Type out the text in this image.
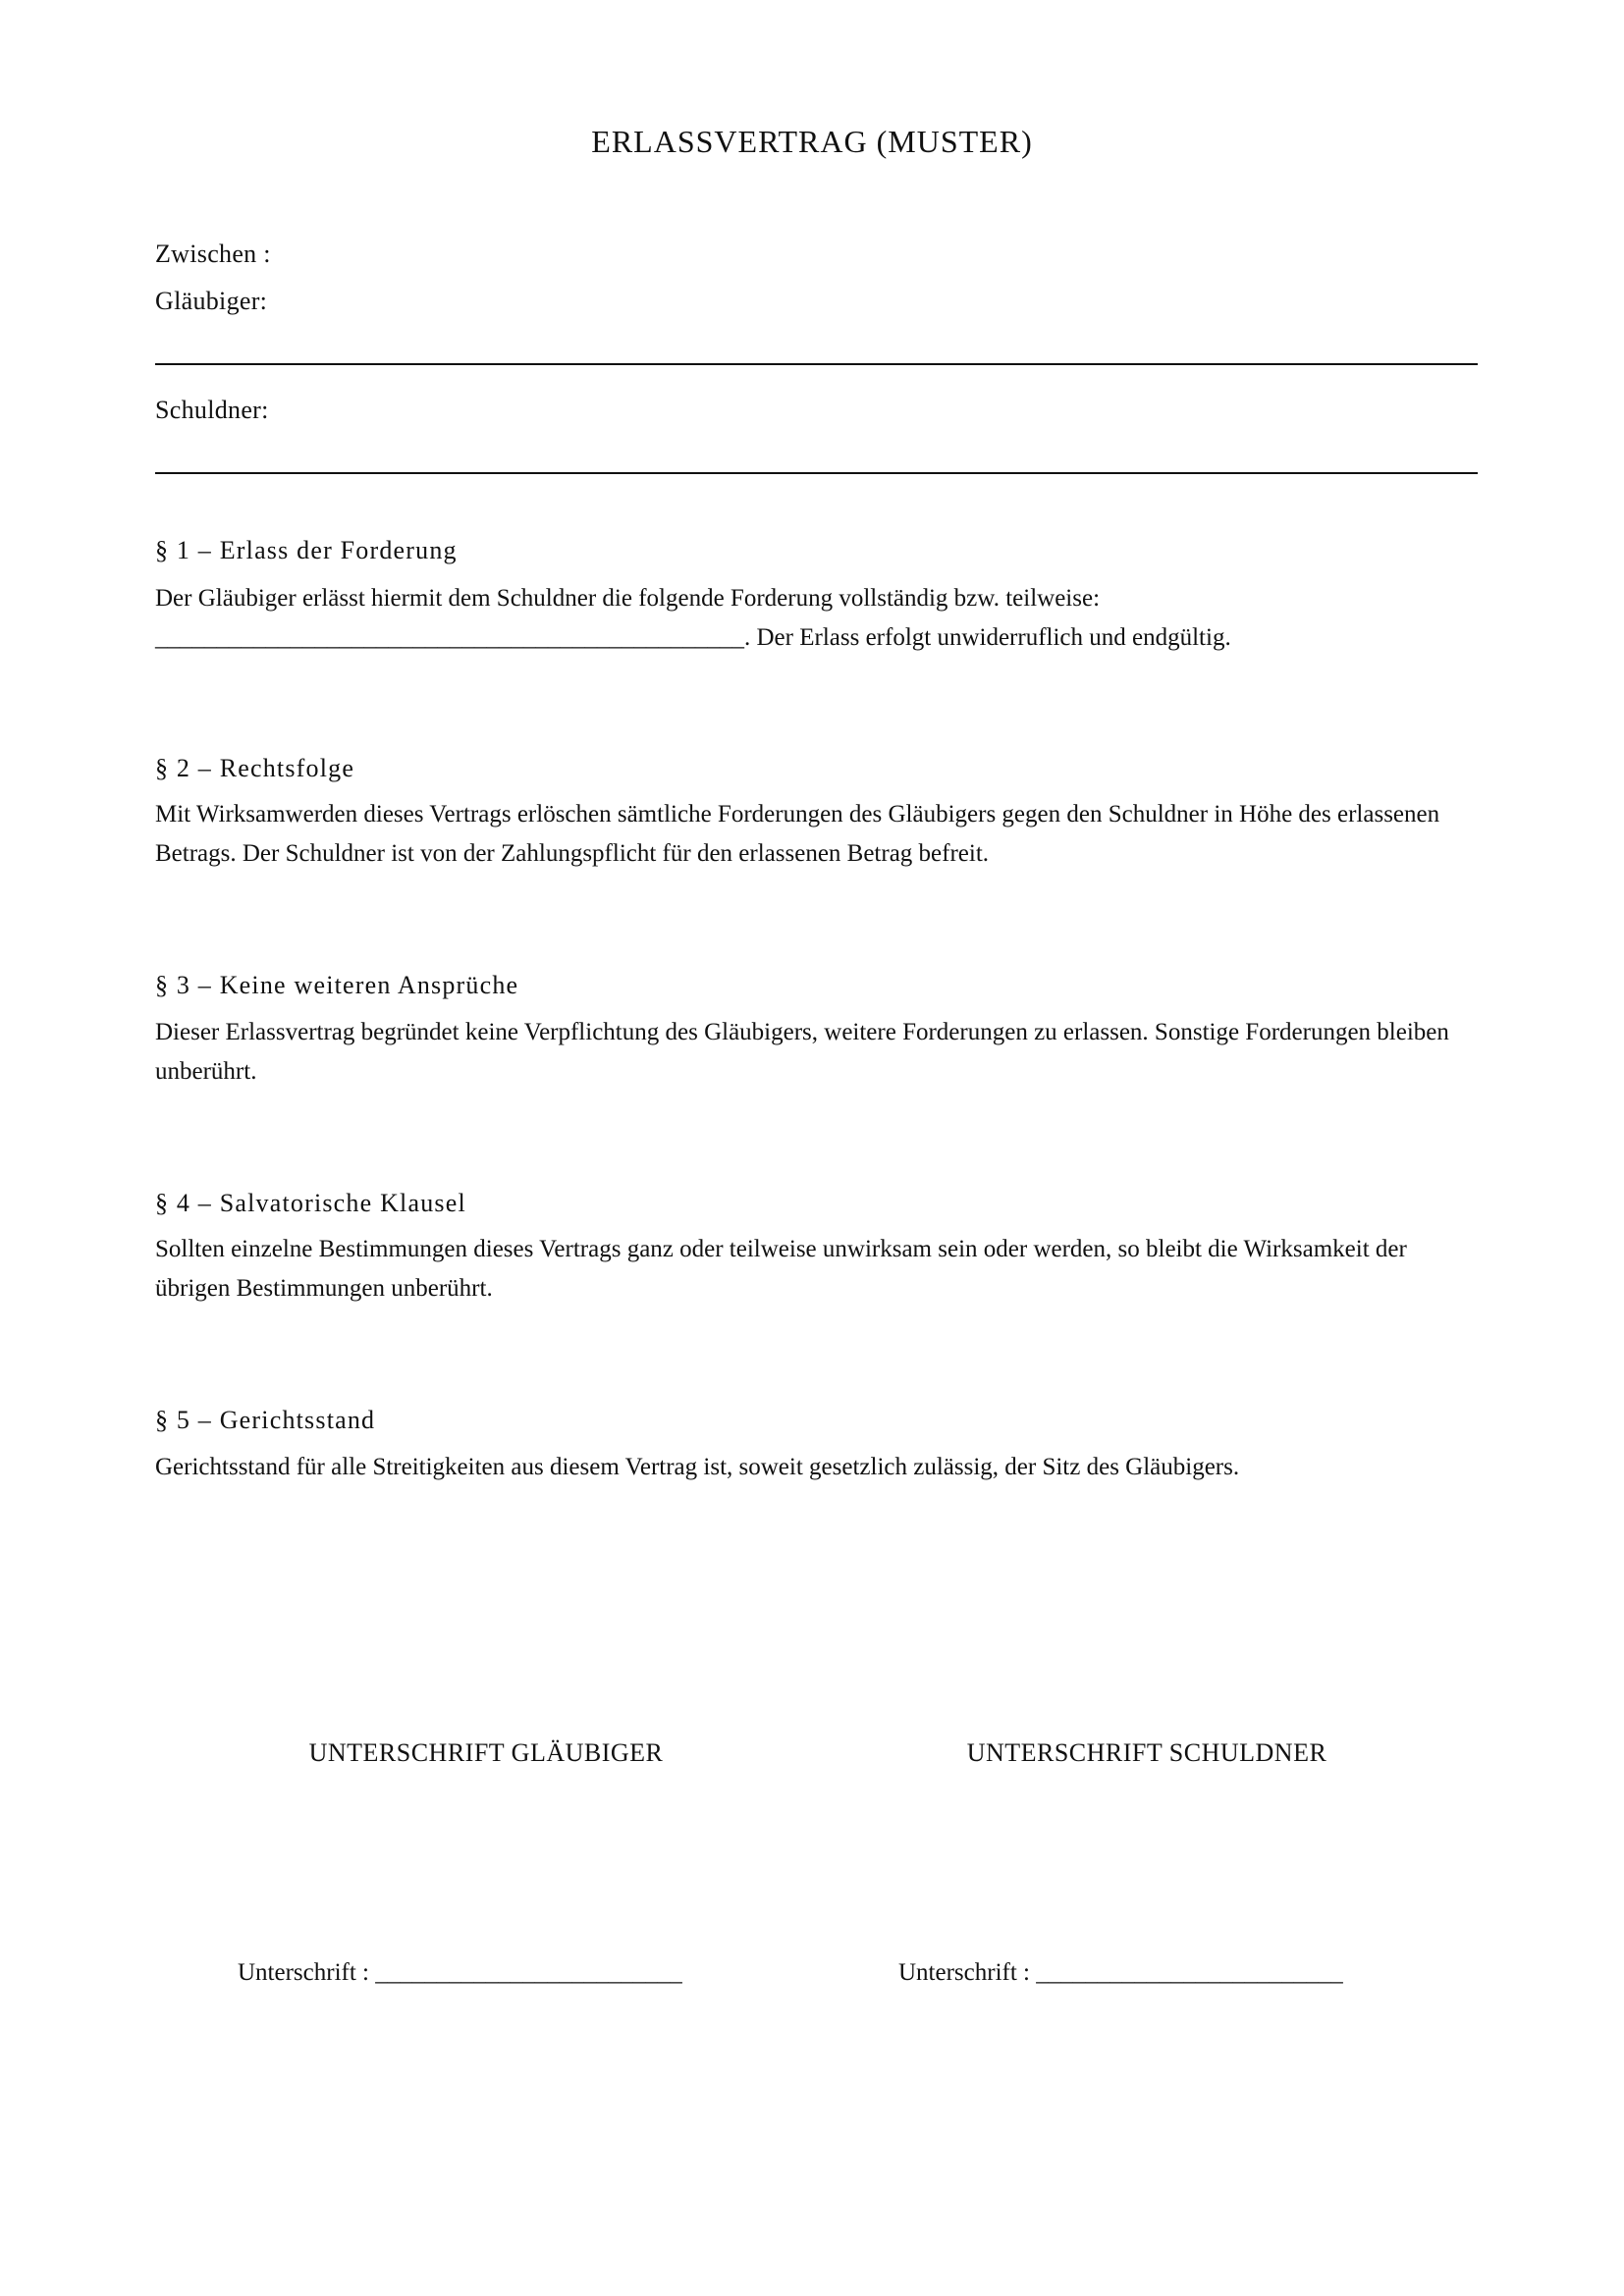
ERLASSVERTRAG (MUSTER)
Zwischen :
Gläubiger:
Schuldner:
§ 1 – Erlass der Forderung
Der Gläubiger erlässt hiermit dem Schuldner die folgende Forderung vollständig bzw. teilweise:
________________________________________________. Der Erlass erfolgt unwiderruflich und endgültig.
§ 2 – Rechtsfolge
Mit Wirksamwerden dieses Vertrags erlöschen sämtliche Forderungen des Gläubigers gegen den Schuldner in Höhe des erlassenen Betrags. Der Schuldner ist von der Zahlungspflicht für den erlassenen Betrag befreit.
§ 3 – Keine weiteren Ansprüche
Dieser Erlassvertrag begründet keine Verpflichtung des Gläubigers, weitere Forderungen zu erlassen. Sonstige Forderungen bleiben unberührt.
§ 4 – Salvatorische Klausel
Sollten einzelne Bestimmungen dieses Vertrags ganz oder teilweise unwirksam sein oder werden, so bleibt die Wirksamkeit der übrigen Bestimmungen unberührt.
§ 5 – Gerichtsstand
Gerichtsstand für alle Streitigkeiten aus diesem Vertrag ist, soweit gesetzlich zulässig, der Sitz des Gläubigers.
UNTERSCHRIFT GLÄUBIGER	UNTERSCHRIFT SCHULDNER
Unterschrift : _________________________	Unterschrift : _________________________
